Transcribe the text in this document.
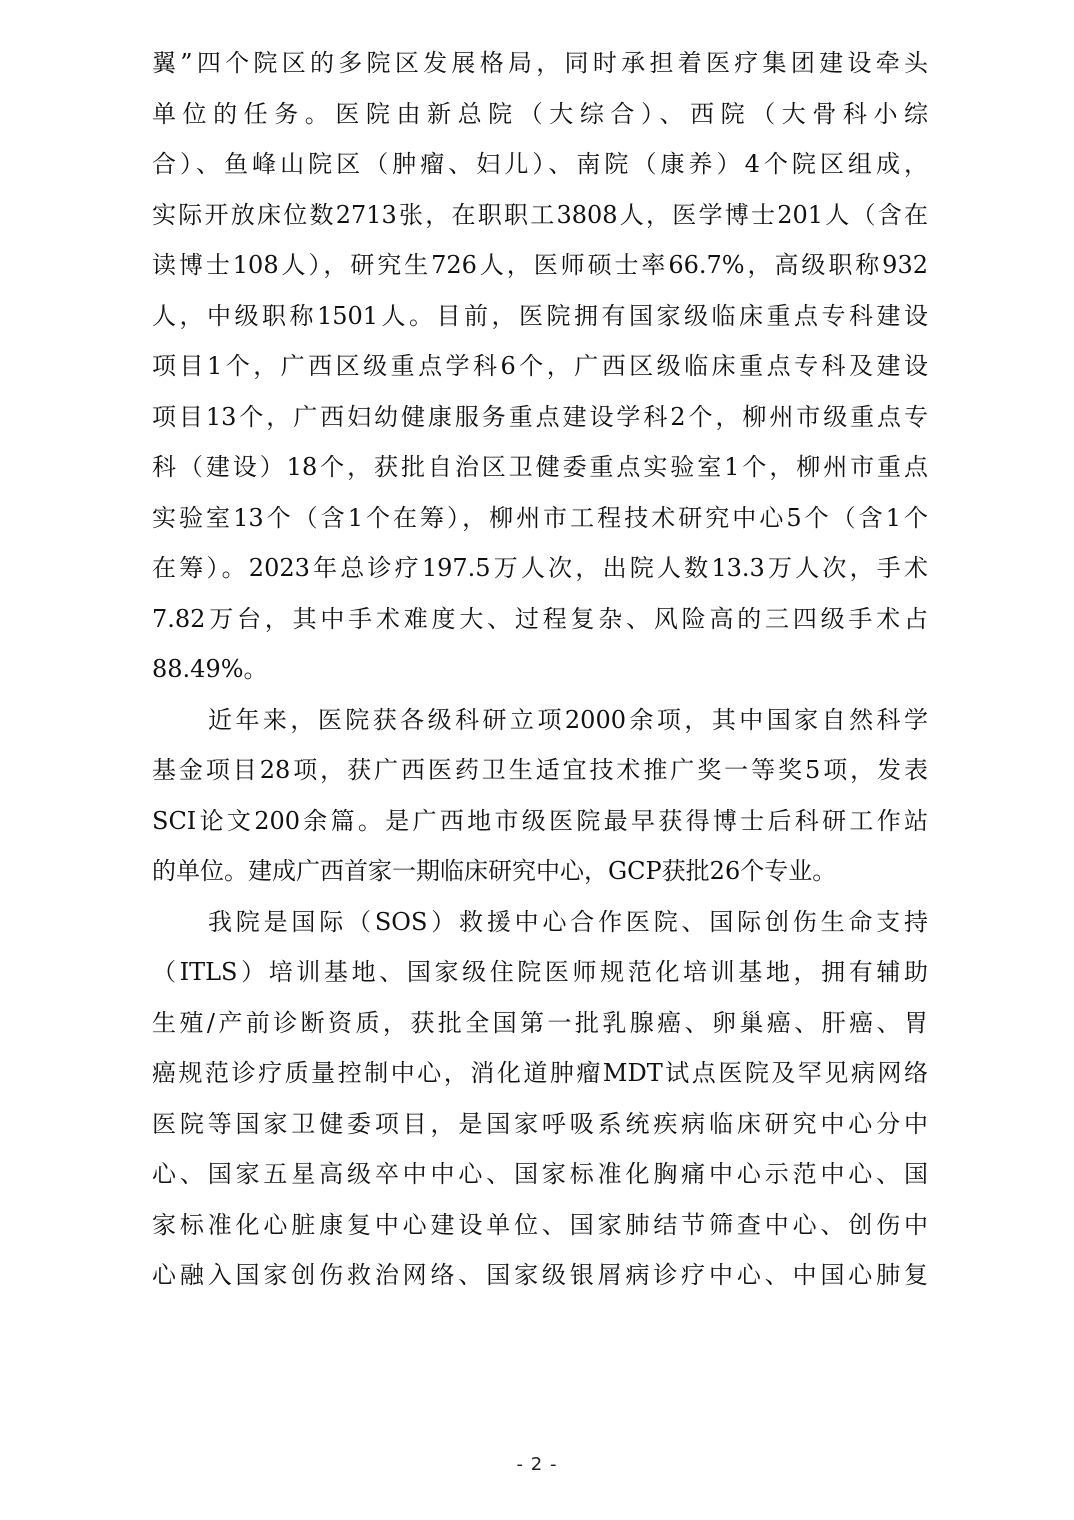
翼”四个院区的多院区发展格局，同时承担着医疗集团建设牵头
单位的任务。医院由新总院（大综合）、西院（大骨科小综
合）、鱼峰山院区（肿瘤、妇儿）、南院（康养）4个院区组成，
实际开放床位数2713张，在职职工3808人，医学博士201人（含在
读博士108人），研究生726人，医师硕士率66.7%，高级职称932
人，中级职称1501人。目前，医院拥有国家级临床重点专科建设
项目1个，广西区级重点学科6个，广西区级临床重点专科及建设
项目13个，广西妇幼健康服务重点建设学科2个，柳州市级重点专
科（建设）18个，获批自治区卫健委重点实验室1个，柳州市重点
实验室13个（含1个在筹），柳州市工程技术研究中心5个（含1个
在筹）。2023年总诊疗197.5万人次，出院人数13.3万人次，手术
7.82万台，其中手术难度大、过程复杂、风险高的三四级手术占
88.49%。

近年来，医院获各级科研立项2000余项，其中国家自然科学
基金项目28项，获广西医药卫生适宜技术推广奖一等奖5项，发表
SCI论文200余篇。是广西地市级医院最早获得博士后科研工作站
的单位。建成广西首家一期临床研究中心，GCP获批26个专业。

我院是国际（SOS）救援中心合作医院、国际创伤生命支持
（ITLS）培训基地、国家级住院医师规范化培训基地，拥有辅助
生殖/产前诊断资质，获批全国第一批乳腺癌、卵巢癌、肝癌、胃
癌规范诊疗质量控制中心，消化道肿瘤MDT试点医院及罕见病网络
医院等国家卫健委项目，是国家呼吸系统疾病临床研究中心分中
心、国家五星高级卒中中心、国家标准化胸痛中心示范中心、国
家标准化心脏康复中心建设单位、国家肺结节筛查中心、创伤中
心融入国家创伤救治网络、国家级银屑病诊疗中心、中国心肺复

- 2 -
